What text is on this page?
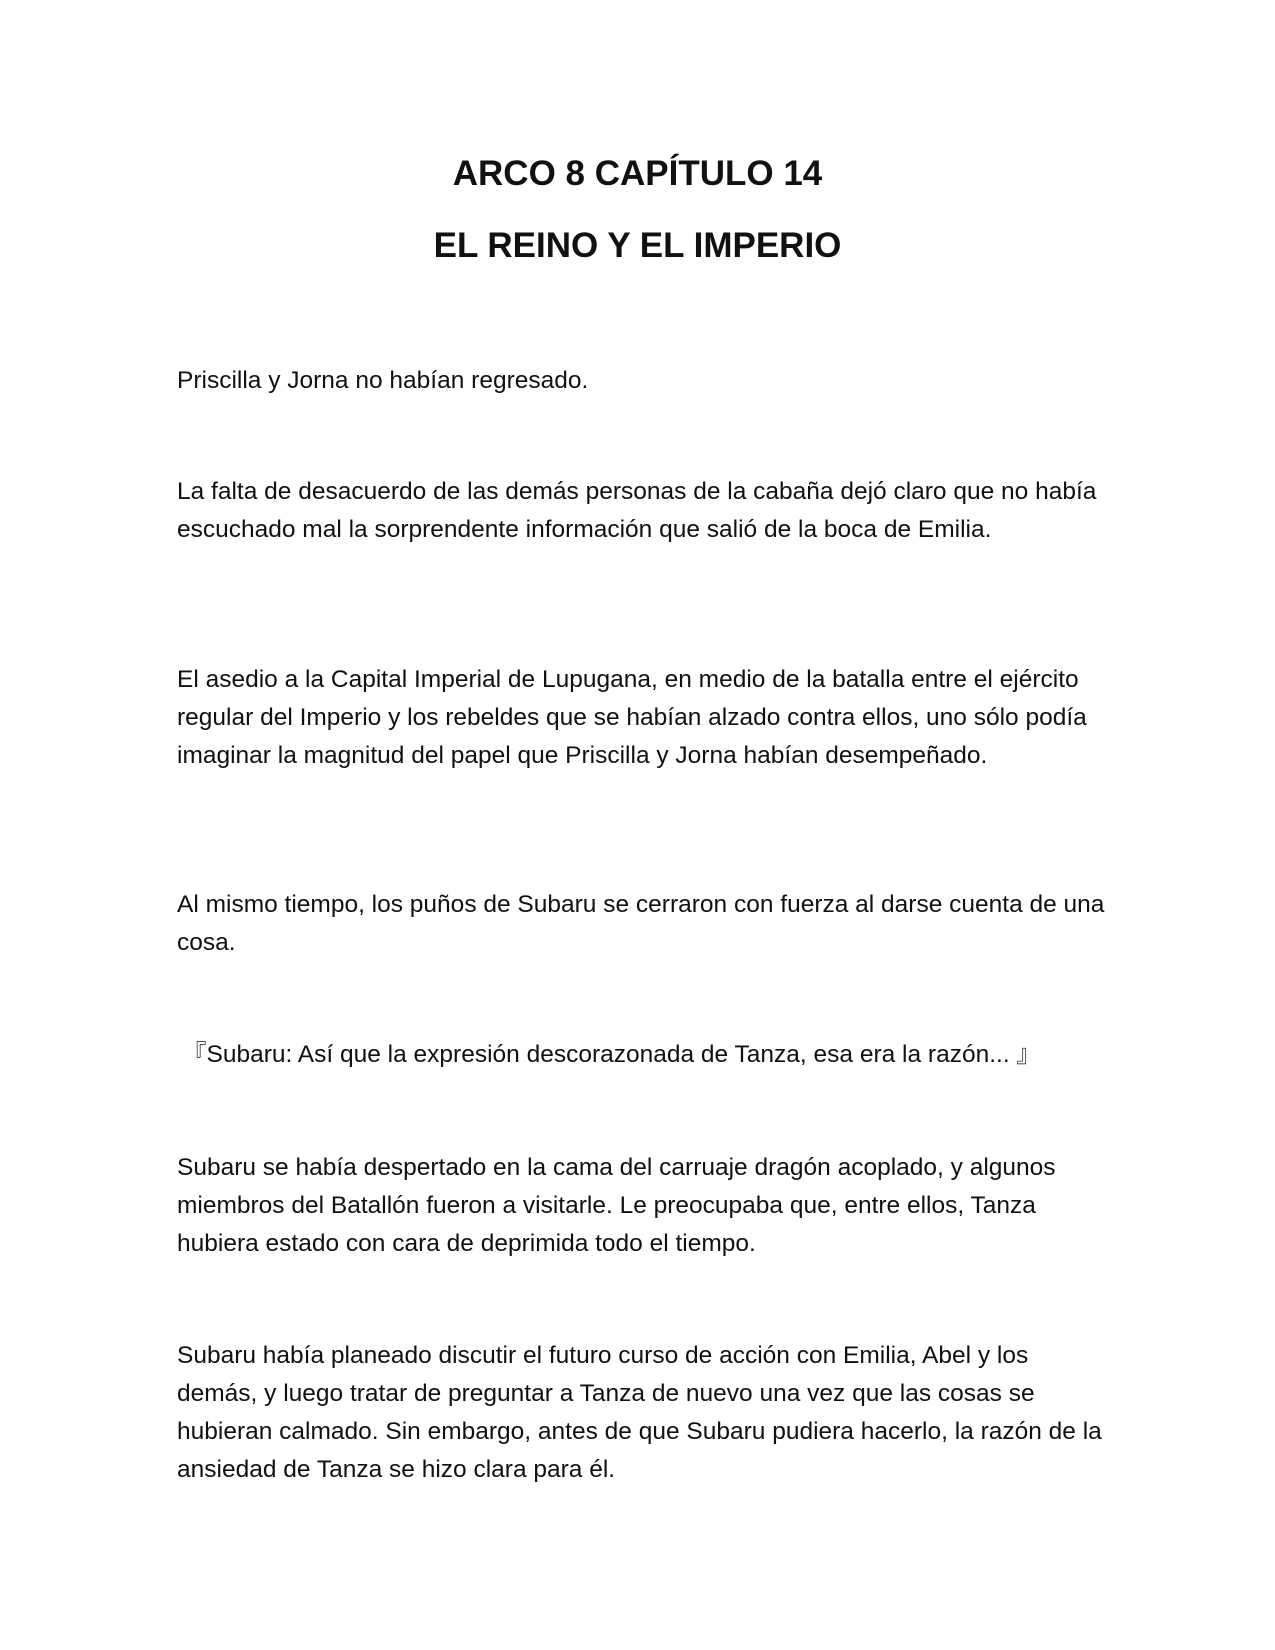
ARCO 8 CAPÍTULO 14
EL REINO Y EL IMPERIO

Priscilla y Jorna no habían regresado.

La falta de desacuerdo de las demás personas de la cabaña dejó claro que no había escuchado mal la sorprendente información que salió de la boca de Emilia.

El asedio a la Capital Imperial de Lupugana, en medio de la batalla entre el ejército regular del Imperio y los rebeldes que se habían alzado contra ellos, uno sólo podía imaginar la magnitud del papel que Priscilla y Jorna habían desempeñado.

Al mismo tiempo, los puños de Subaru se cerraron con fuerza al darse cuenta de una cosa.

『Subaru: Así que la expresión descorazonada de Tanza, esa era la razón... 』

Subaru se había despertado en la cama del carruaje dragón acoplado, y algunos miembros del Batallón fueron a visitarle. Le preocupaba que, entre ellos, Tanza hubiera estado con cara de deprimida todo el tiempo.

Subaru había planeado discutir el futuro curso de acción con Emilia, Abel y los demás, y luego tratar de preguntar a Tanza de nuevo una vez que las cosas se hubieran calmado. Sin embargo, antes de que Subaru pudiera hacerlo, la razón de la ansiedad de Tanza se hizo clara para él.
